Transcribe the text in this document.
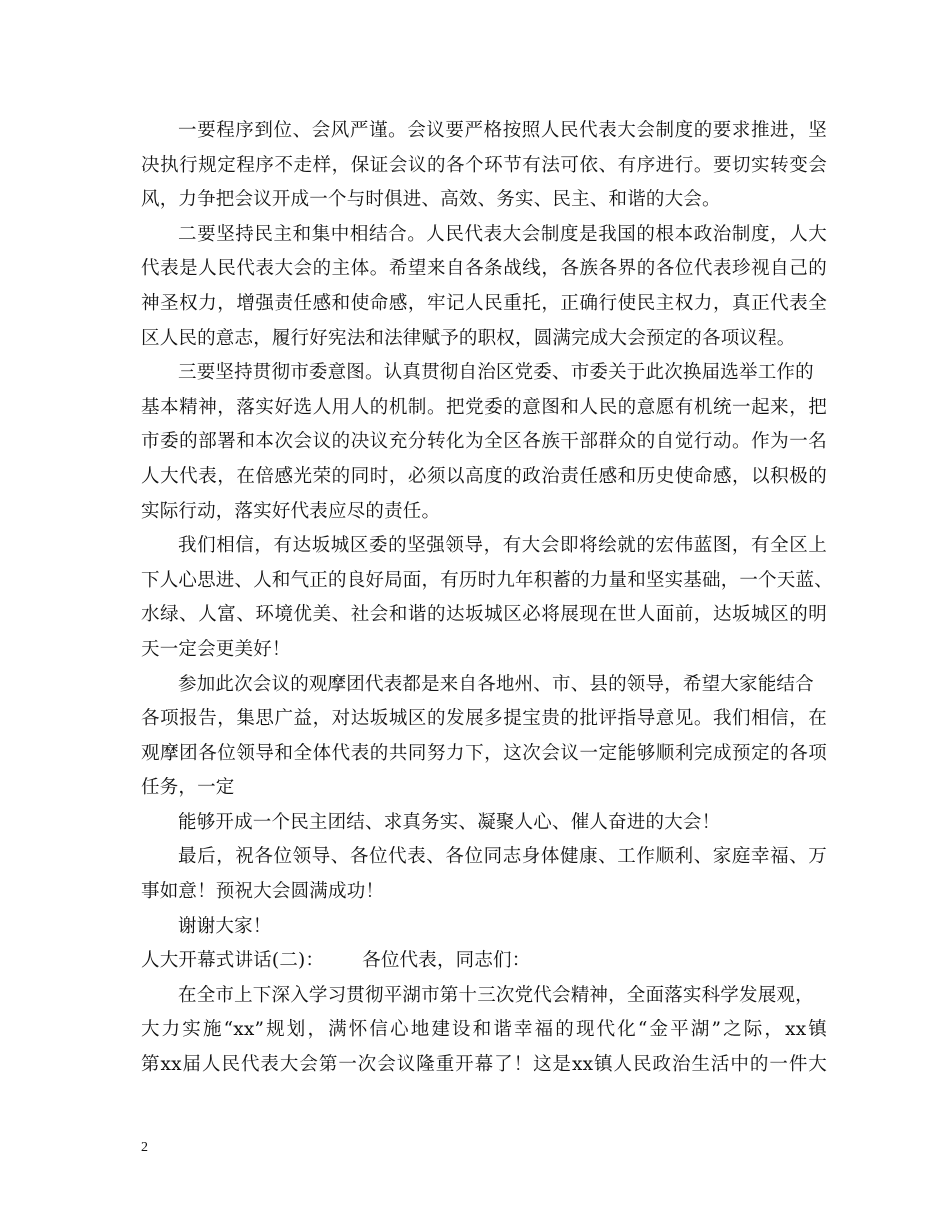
一要程序到位、会风严谨。会议要严格按照人民代表大会制度的要求推进，坚
决执行规定程序不走样，保证会议的各个环节有法可依、有序进行。要切实转变会
风，力争把会议开成一个与时俱进、高效、务实、民主、和谐的大会。
二要坚持民主和集中相结合。人民代表大会制度是我国的根本政治制度，人大
代表是人民代表大会的主体。希望来自各条战线，各族各界的各位代表珍视自己的
神圣权力，增强责任感和使命感，牢记人民重托，正确行使民主权力，真正代表全
区人民的意志，履行好宪法和法律赋予的职权，圆满完成大会预定的各项议程。
三要坚持贯彻市委意图。认真贯彻自治区党委、市委关于此次换届选举工作的
基本精神，落实好选人用人的机制。把党委的意图和人民的意愿有机统一起来，把
市委的部署和本次会议的决议充分转化为全区各族干部群众的自觉行动。作为一名
人大代表，在倍感光荣的同时，必须以高度的政治责任感和历史使命感，以积极的
实际行动，落实好代表应尽的责任。
我们相信，有达坂城区委的坚强领导，有大会即将绘就的宏伟蓝图，有全区上
下人心思进、人和气正的良好局面，有历时九年积蓄的力量和坚实基础，一个天蓝、
水绿、人富、环境优美、社会和谐的达坂城区必将展现在世人面前，达坂城区的明
天一定会更美好！
参加此次会议的观摩团代表都是来自各地州、市、县的领导，希望大家能结合
各项报告，集思广益，对达坂城区的发展多提宝贵的批评指导意见。我们相信，在
观摩团各位领导和全体代表的共同努力下，这次会议一定能够顺利完成预定的各项
任务，一定
能够开成一个民主团结、求真务实、凝聚人心、催人奋进的大会！
最后，祝各位领导、各位代表、各位同志身体健康、工作顺利、家庭幸福、万
事如意！预祝大会圆满成功！
谢谢大家！
人大开幕式讲话(二)： 各位代表，同志们：
在全市上下深入学习贯彻平湖市第十三次党代会精神，全面落实科学发展观，
大力实施“xx”规划，满怀信心地建设和谐幸福的现代化“金平湖”之际，xx镇
第xx届人民代表大会第一次会议隆重开幕了！这是xx镇人民政治生活中的一件大
2
